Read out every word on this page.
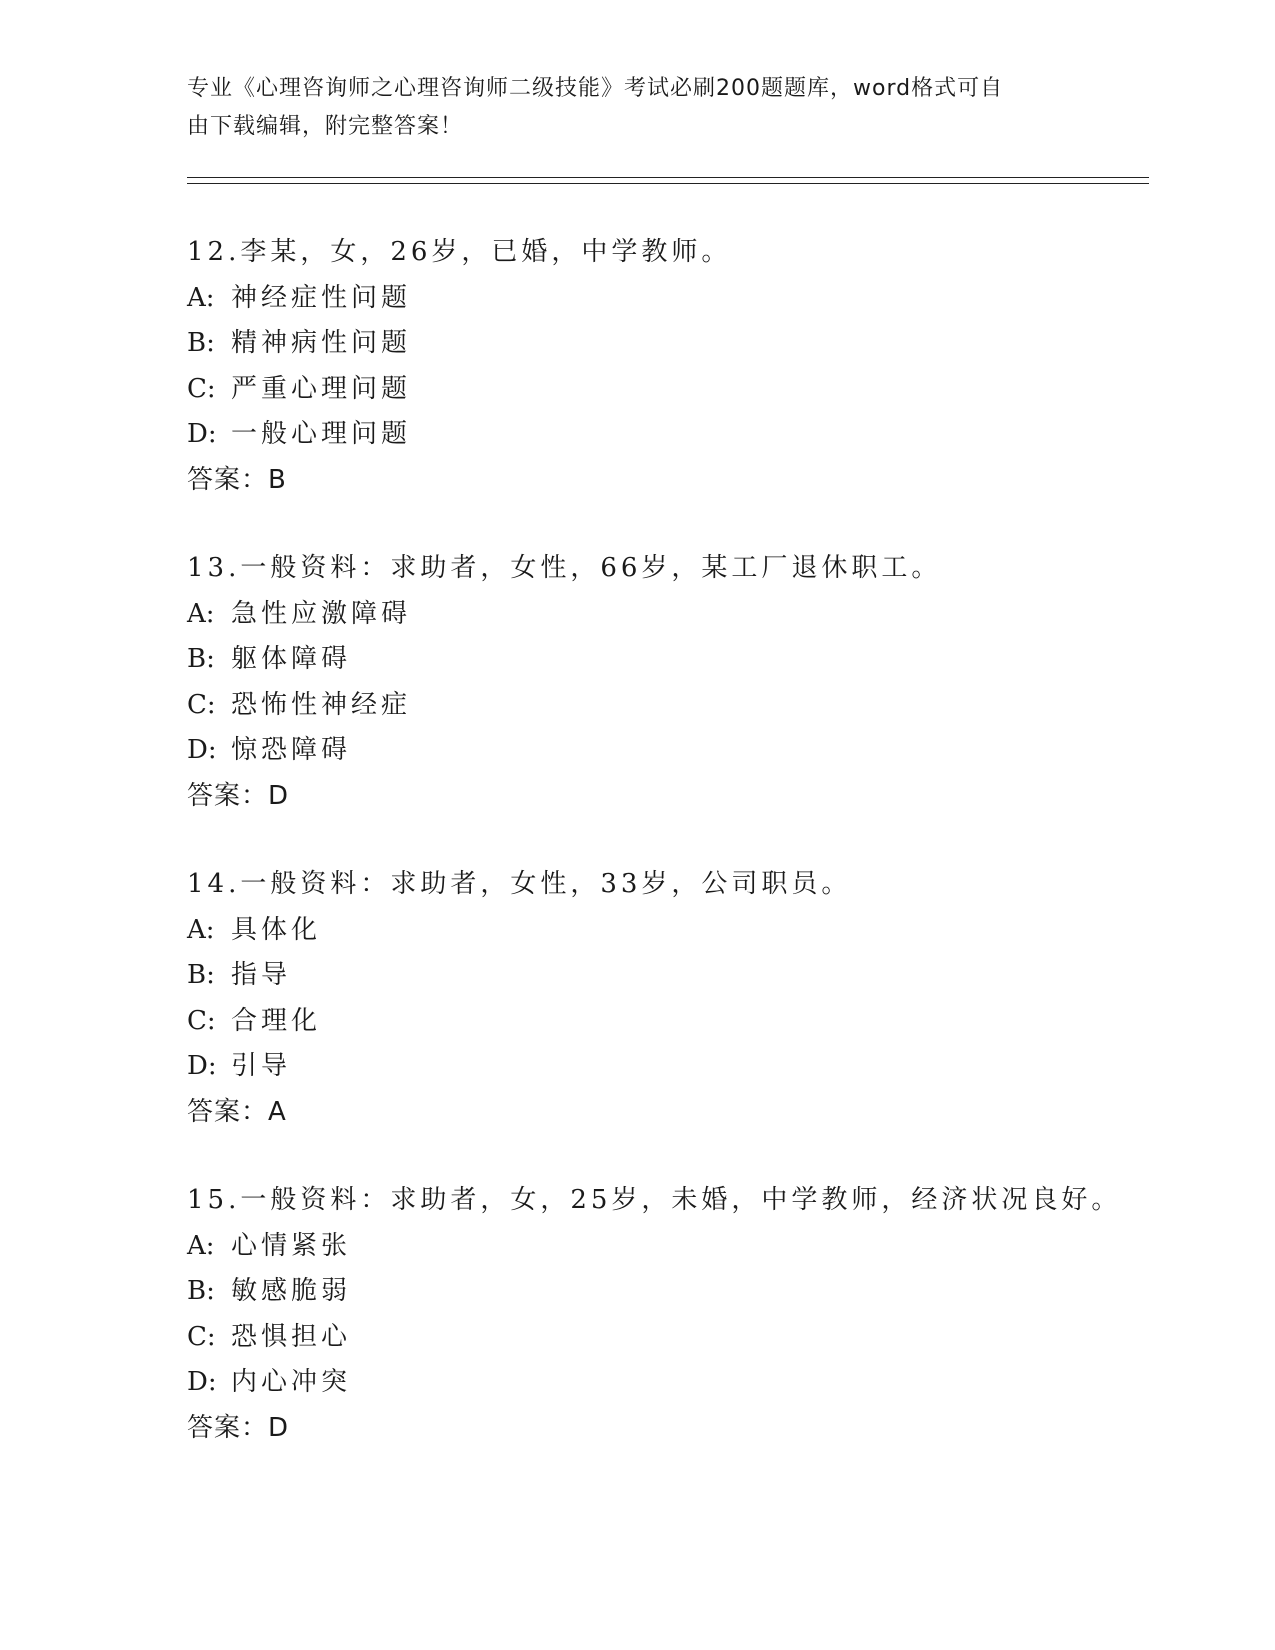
专业《心理咨询师之心理咨询师二级技能》考试必刷200题题库，word格式可自
由下载编辑，附完整答案！
12.李某，女，26岁，已婚，中学教师。
A: 神经症性问题
B: 精神病性问题
C: 严重心理问题
D: 一般心理问题
答案：B
13.一般资料：求助者，女性，66岁，某工厂退休职工。
A: 急性应激障碍
B: 躯体障碍
C: 恐怖性神经症
D: 惊恐障碍
答案：D
14.一般资料：求助者，女性，33岁，公司职员。
A: 具体化
B: 指导
C: 合理化
D: 引导
答案：A
15.一般资料：求助者，女，25岁，未婚，中学教师，经济状况良好。
A: 心情紧张
B: 敏感脆弱
C: 恐惧担心
D: 内心冲突
答案：D
